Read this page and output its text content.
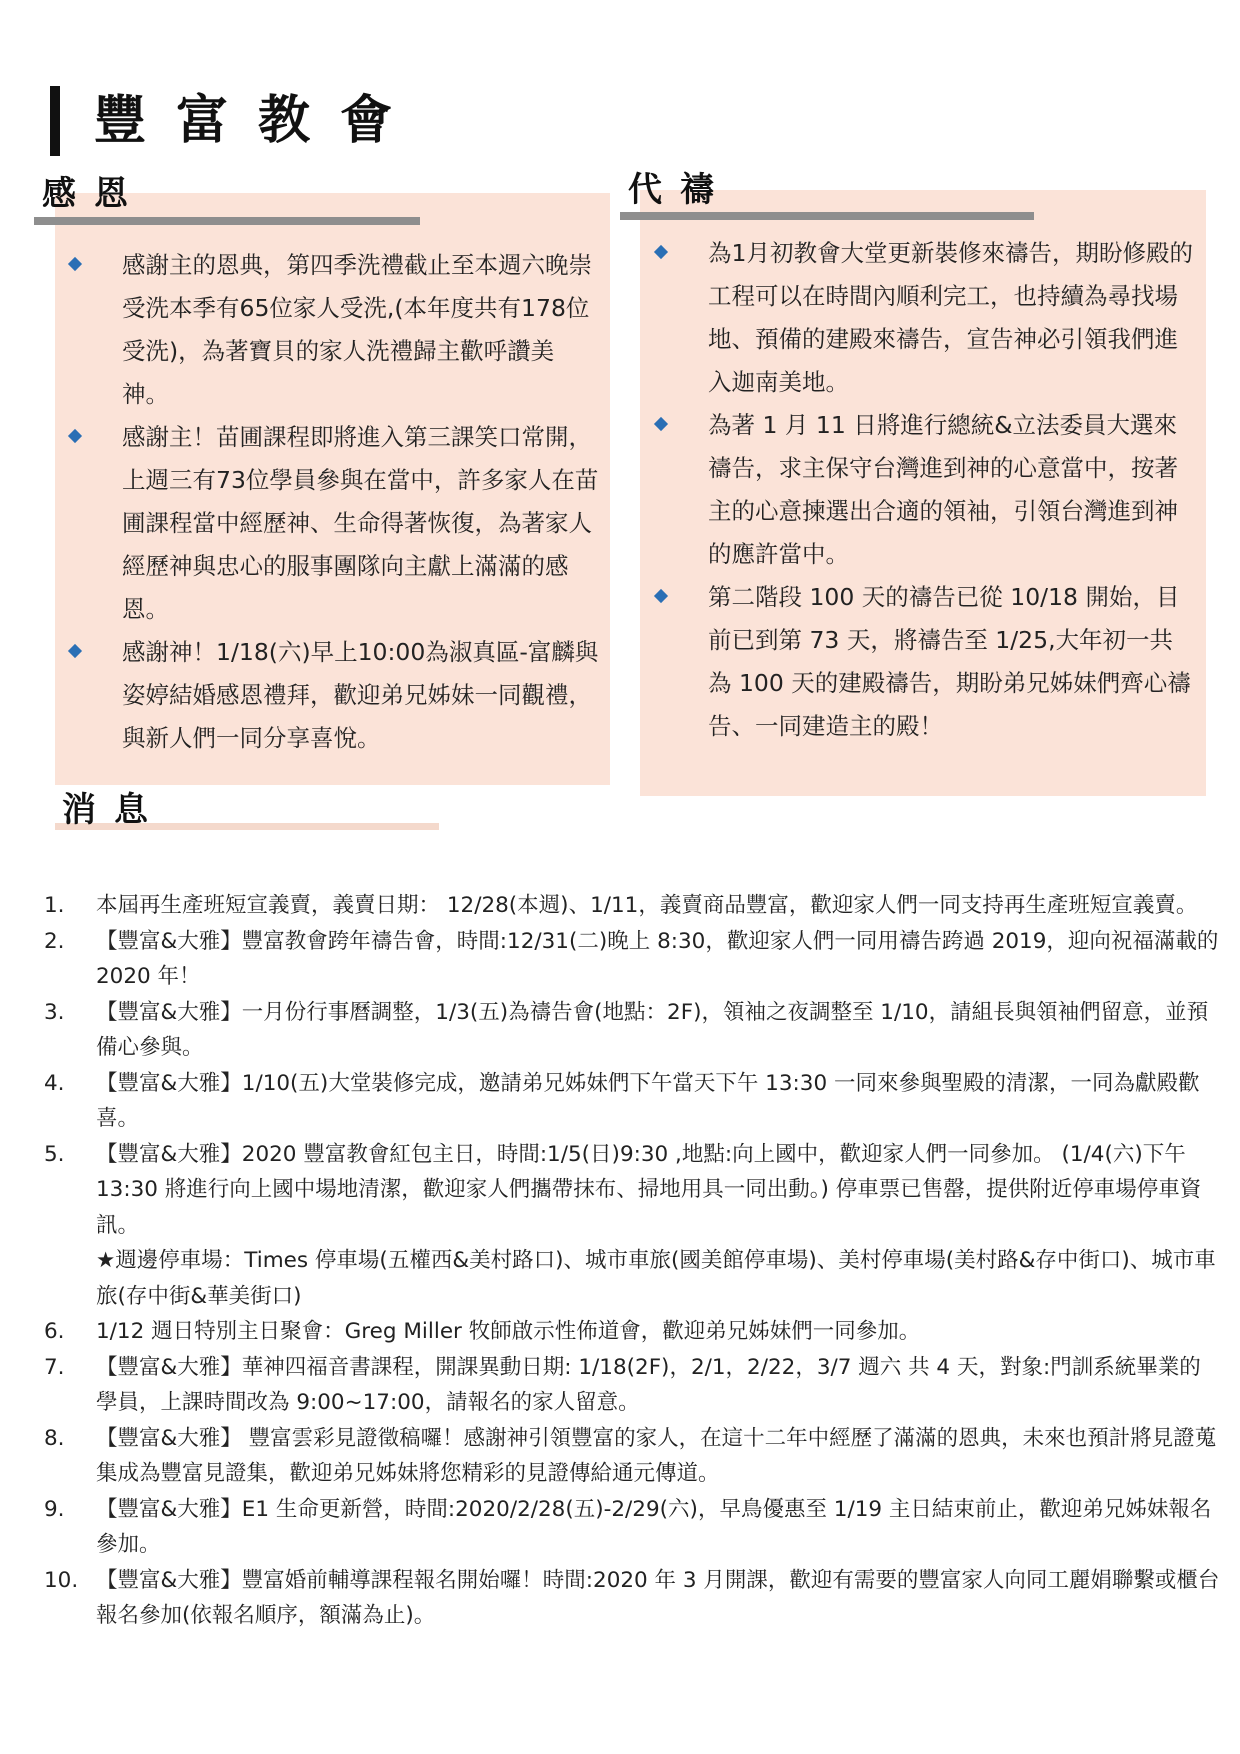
豐富教會
感恩	代禱
感謝主的恩典，第四季洗禮截止至本週六晚崇受洗本季有65位家人受洗,(本年度共有178位受洗)，為著寶貝的家人洗禮歸主歡呼讚美神。
感謝主！苗圃課程即將進入第三課笑口常開，上週三有73位學員參與在當中，許多家人在苗圃課程當中經歷神、生命得著恢復，為著家人經歷神與忠心的服事團隊向主獻上滿滿的感恩。
感謝神！1/18(六)早上10:00為淑真區-富麟與姿婷結婚感恩禮拜，歡迎弟兄姊妹一同觀禮，與新人們一同分享喜悅。
為1月初教會大堂更新裝修來禱告，期盼修殿的工程可以在時間內順利完工，也持續為尋找場地、預備的建殿來禱告，宣告神必引領我們進入迦南美地。
為著 1 月 11 日將進行總統&立法委員大選來禱告，求主保守台灣進到神的心意當中，按著主的心意揀選出合適的領袖，引領台灣進到神的應許當中。
第二階段 100 天的禱告已從 10/18 開始，目前已到第 73 天，將禱告至 1/25,大年初一共為 100 天的建殿禱告，期盼弟兄姊妹們齊心禱告、一同建造主的殿！
消息
1. 本屆再生產班短宣義賣，義賣日期： 12/28(本週)、1/11，義賣商品豐富，歡迎家人們一同支持再生產班短宣義賣。
2. 【豐富&大雅】豐富教會跨年禱告會，時間:12/31(二)晚上 8:30，歡迎家人們一同用禱告跨過 2019，迎向祝福滿載的 2020 年！
3. 【豐富&大雅】一月份行事曆調整，1/3(五)為禱告會(地點：2F)，領袖之夜調整至 1/10，請組長與領袖們留意，並預備心參與。
4. 【豐富&大雅】1/10(五)大堂裝修完成，邀請弟兄姊妹們下午當天下午 13:30 一同來參與聖殿的清潔，一同為獻殿歡喜。
5. 【豐富&大雅】2020 豐富教會紅包主日，時間:1/5(日)9:30 ,地點:向上國中，歡迎家人們一同參加。 (1/4(六)下午 13:30 將進行向上國中場地清潔，歡迎家人們攜帶抹布、掃地用具一同出動。) 停車票已售罄，提供附近停車場停車資訊。
★週邊停車場：Times 停車場(五權西&美村路口)、城市車旅(國美館停車場)、美村停車場(美村路&存中街口)、城市車旅(存中街&華美街口)
6. 1/12 週日特別主日聚會：Greg Miller 牧師啟示性佈道會，歡迎弟兄姊妹們一同參加。
7. 【豐富&大雅】華神四福音書課程，開課異動日期: 1/18(2F)，2/1，2/22，3/7 週六 共 4 天，對象:門訓系統畢業的學員，上課時間改為 9:00~17:00，請報名的家人留意。
8. 【豐富&大雅】 豐富雲彩見證徵稿囉！感謝神引領豐富的家人，在這十二年中經歷了滿滿的恩典，未來也預計將見證蒐集成為豐富見證集，歡迎弟兄姊妹將您精彩的見證傳給通元傳道。
9. 【豐富&大雅】E1 生命更新營，時間:2020/2/28(五)-2/29(六)，早鳥優惠至 1/19 主日結束前止，歡迎弟兄姊妹報名參加。
10. 【豐富&大雅】豐富婚前輔導課程報名開始囉！時間:2020 年 3 月開課，歡迎有需要的豐富家人向同工麗娟聯繫或櫃台報名參加(依報名順序，額滿為止)。
